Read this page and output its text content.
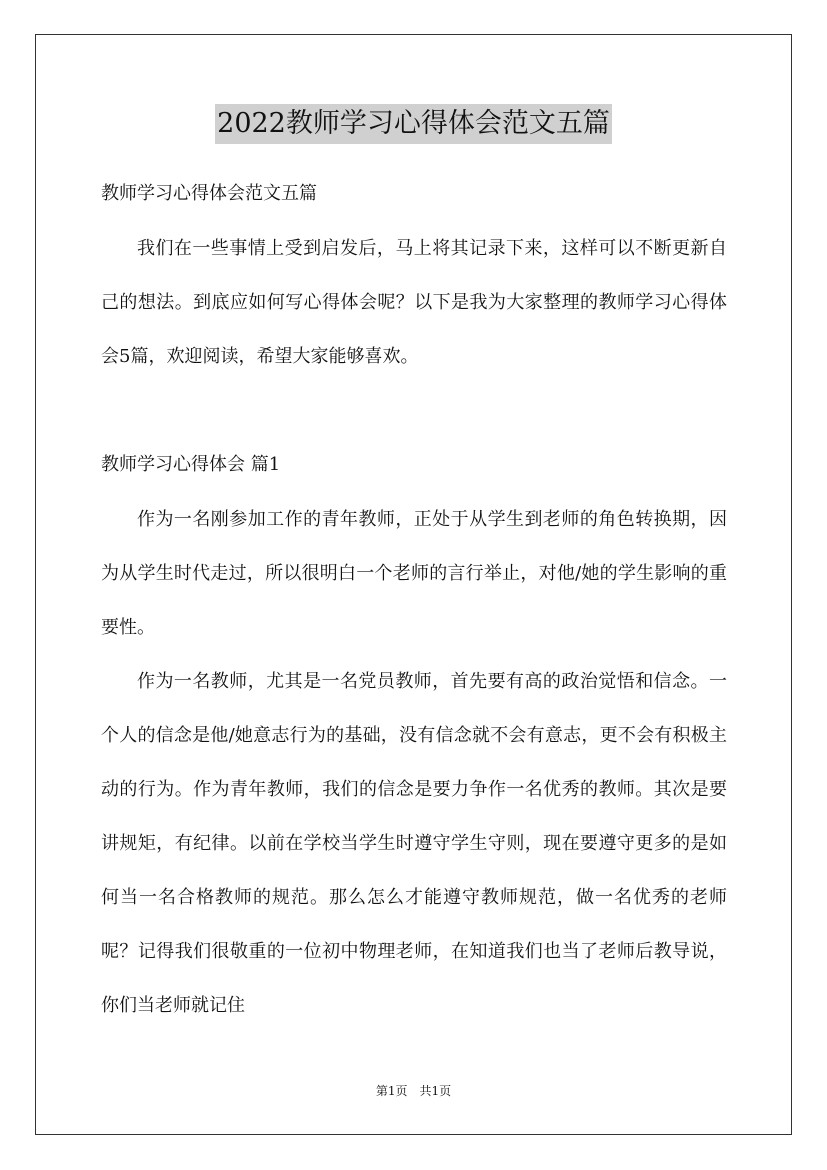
2022教师学习心得体会范文五篇

教师学习心得体会范文五篇

我们在一些事情上受到启发后，马上将其记录下来，这样可以不断更新自己的想法。到底应如何写心得体会呢？以下是我为大家整理的教师学习心得体会5篇，欢迎阅读，希望大家能够喜欢。

教师学习心得体会 篇1

作为一名刚参加工作的青年教师，正处于从学生到老师的角色转换期，因为从学生时代走过，所以很明白一个老师的言行举止，对他/她的学生影响的重要性。

作为一名教师，尤其是一名党员教师，首先要有高的政治觉悟和信念。一个人的信念是他/她意志行为的基础，没有信念就不会有意志，更不会有积极主动的行为。作为青年教师，我们的信念是要力争作一名优秀的教师。其次是要讲规矩，有纪律。以前在学校当学生时遵守学生守则，现在要遵守更多的是如何当一名合格教师的规范。那么怎么才能遵守教师规范，做一名优秀的老师呢？记得我们很敬重的一位初中物理老师，在知道我们也当了老师后教导说，你们当老师就记住

第1页　共1页
